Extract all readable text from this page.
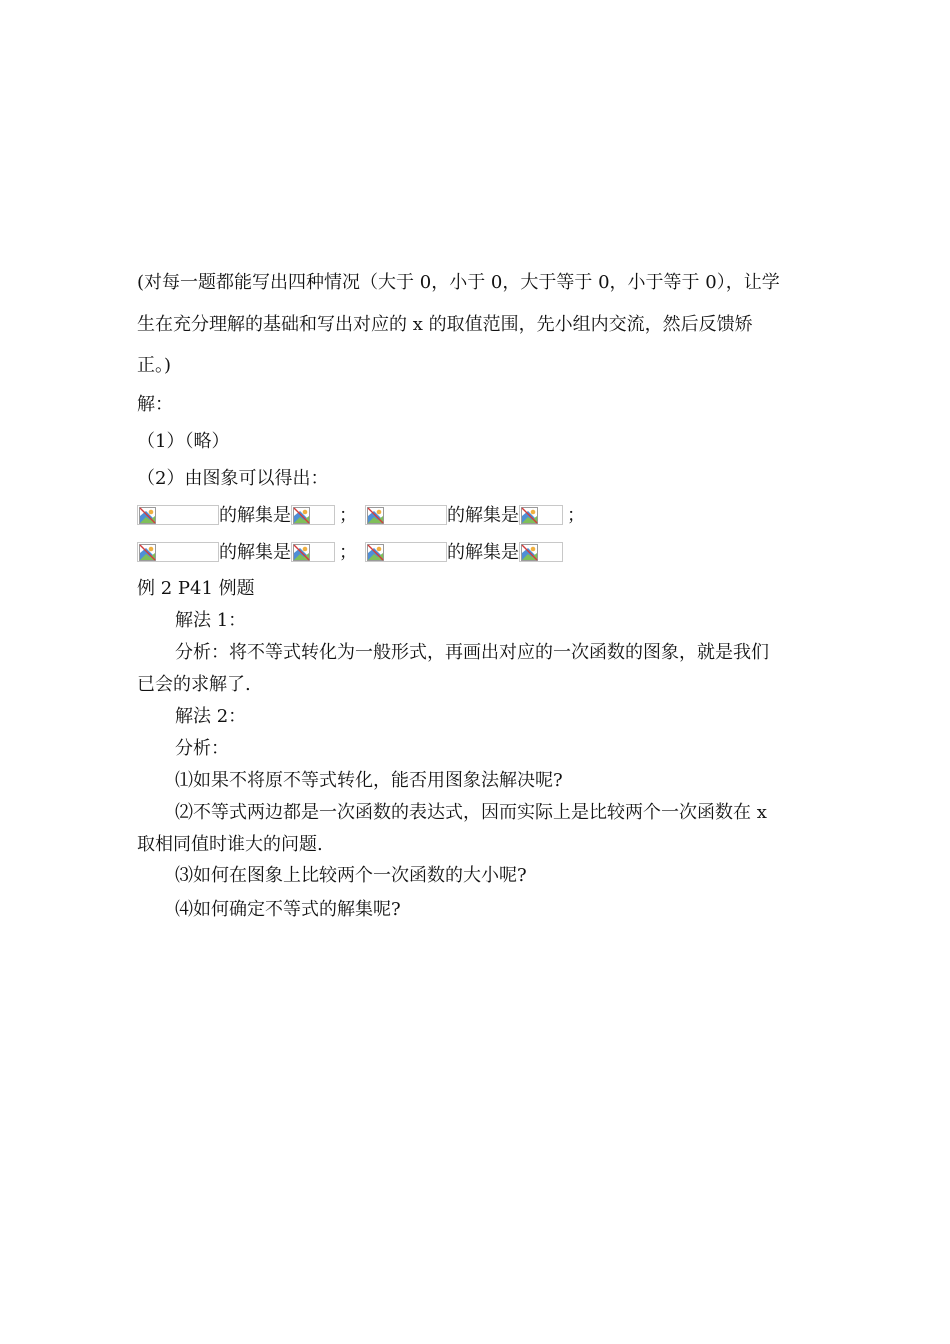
(对每一题都能写出四种情况（大于 0，小于 0，大于等于 0，小于等于 0），让学
生在充分理解的基础和写出对应的 x 的取值范围，先小组内交流，然后反馈矫
正。)
解：
（1）（略）
（2）由图象可以得出：
的解集是	；	的解集是	；
的解集是	；	的解集是
例 2 P41 例题
解法 1：
分析：将不等式转化为一般形式，再画出对应的一次函数的图象，就是我们
已会的求解了.
解法 2：
分析：
⑴如果不将原不等式转化，能否用图象法解决呢?
⑵不等式两边都是一次函数的表达式，因而实际上是比较两个一次函数在 x
取相同值时谁大的问题.
⑶如何在图象上比较两个一次函数的大小呢?
⑷如何确定不等式的解集呢?
